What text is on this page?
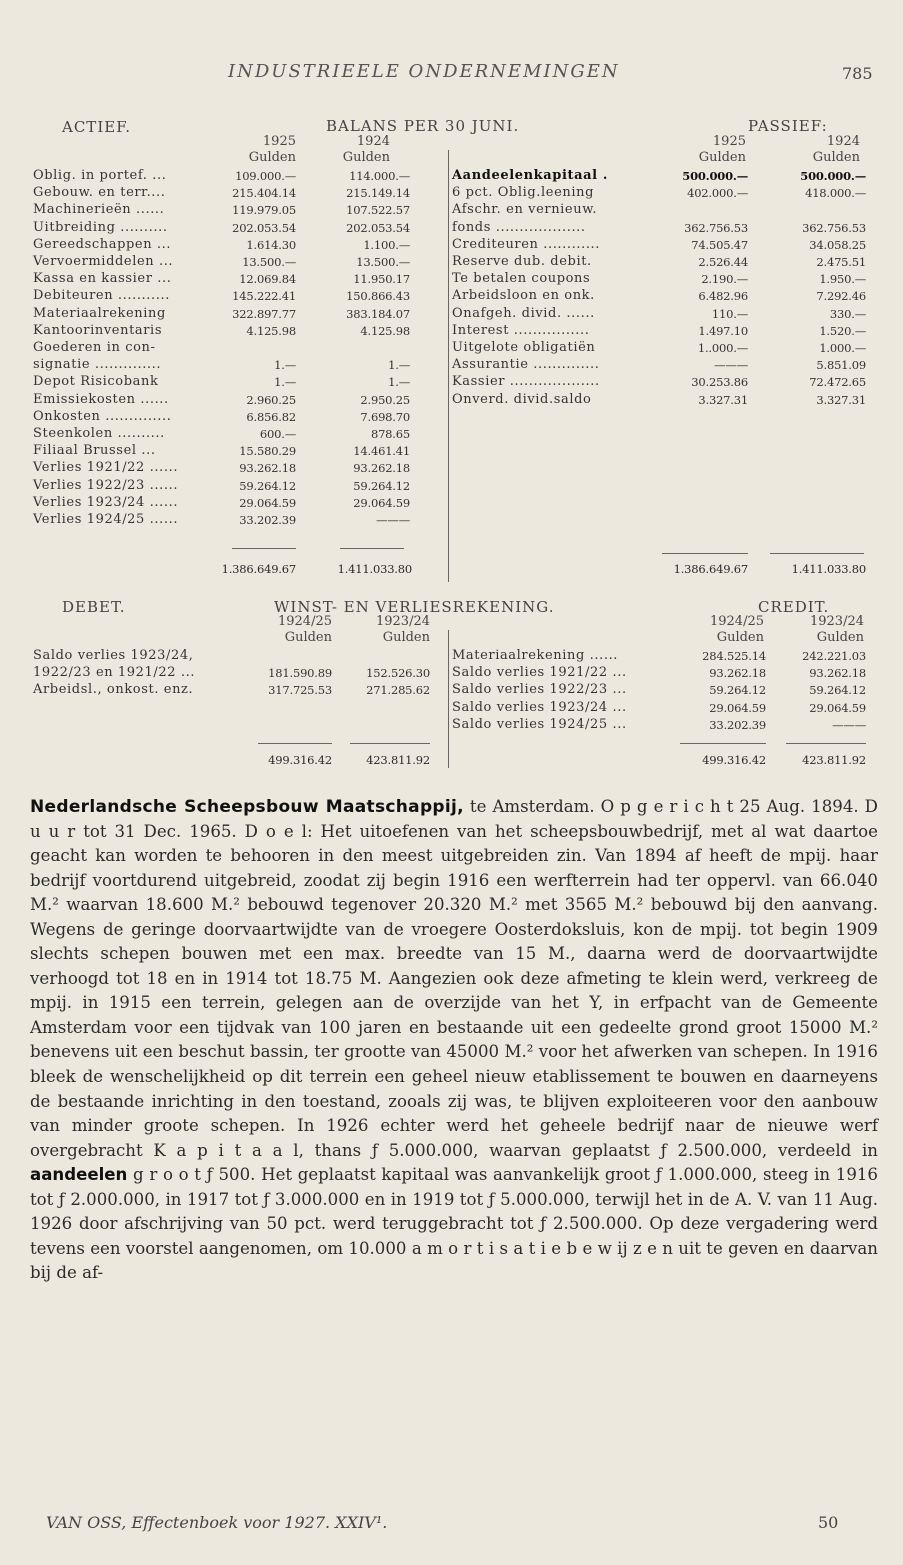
INDUSTRIEELE ONDERNEMINGEN	785
ACTIEF.	BALANS PER 30 JUNI.	PASSIEF:
1925
Gulden
1924
Gulden
1925
Gulden
1924
Gulden
Oblig. in portef. ...	109.000.—	114.000.—
Gebouw. en terr....	215.404.14	215.149.14
Machinerieën ......	119.979.05	107.522.57
Uitbreiding ..........	202.053.54	202.053.54
Gereedschappen ...	1.614.30	1.100.—
Vervoermiddelen ...	13.500.—	13.500.—
Kassa en kassier ...	12.069.84	11.950.17
Debiteuren ...........	145.222.41	150.866.43
Materiaalrekening	322.897.77	383.184.07
Kantoorinventaris	4.125.98	4.125.98
Goederen in con-
signatie ..............	1.—	1.—
Depot Risicobank	1.—	1.—
Emissiekosten ......	2.960.25	2.950.25
Onkosten ..............	6.856.82	7.698.70
Steenkolen ..........	600.—	878.65
Filiaal Brussel ...	15.580.29	14.461.41
Verlies 1921/22 ......	93.262.18	93.262.18
Verlies 1922/23 ......	59.264.12	59.264.12
Verlies 1923/24 ......	29.064.59	29.064.59
Verlies 1924/25 ......	33.202.39	———
Aandeelenkapitaal .	500.000.—	500.000.—
6 pct. Oblig.leening	402.000.—	418.000.—
Afschr. en vernieuw.
fonds ...................	362.756.53	362.756.53
Crediteuren ............	74.505.47	34.058.25
Reserve dub. debit.	2.526.44	2.475.51
Te betalen coupons	2.190.—	1.950.—
Arbeidsloon en onk.	6.482.96	7.292.46
Onafgeh. divid. ......	110.—	330.—
Interest ................	1.497.10	1.520.—
Uitgelote obligatiën	1..000.—	1.000.—
Assurantie ..............	———	5.851.09
Kassier ...................	30.253.86	72.472.65
Onverd. divid.saldo	3.327.31	3.327.31
1.386.649.67	1.411.033.80	1.386.649.67	1.411.033.80
DEBET.	WINST- EN VERLIESREKENING.	CREDIT.
1924/25
Gulden
1923/24
Gulden
1924/25
Gulden
1923/24
Gulden
Saldo verlies 1923/24,
1922/23 en 1921/22 ...	181.590.89	152.526.30
Arbeidsl., onkost. enz.	317.725.53	271.285.62
Materiaalrekening ......	284.525.14	242.221.03
Saldo verlies 1921/22 ...	93.262.18	93.262.18
Saldo verlies 1922/23 ...	59.264.12	59.264.12
Saldo verlies 1923/24 ...	29.064.59	29.064.59
Saldo verlies 1924/25 ...	33.202.39	———
499.316.42	423.811.92	499.316.42	423.811.92

Nederlandsche Scheepsbouw Maatschappij, te Amsterdam. O p g e r i c h t 25 Aug. 1894. D u u r tot 31 Dec. 1965. D o e l: Het uitoefenen van het scheepsbouwbedrijf, met al wat daartoe geacht kan worden te behooren in den meest uitgebreiden zin. Van 1894 af heeft de mpij. haar bedrijf voortdurend uitgebreid, zoodat zij begin 1916 een werfterrein had ter oppervl. van 66.040 M.² waarvan 18.600 M.² bebouwd tegenover 20.320 M.² met 3565 M.² bebouwd bij den aanvang. Wegens de geringe doorvaartwijdte van de vroegere Oosterdoksluis, kon de mpij. tot begin 1909 slechts schepen bouwen met een max. breedte van 15 M., daarna werd de doorvaartwijdte verhoogd tot 18 en in 1914 tot 18.75 M. Aangezien ook deze afmeting te klein werd, verkreeg de mpij. in 1915 een terrein, gelegen aan de overzijde van het Y, in erfpacht van de Gemeente Amsterdam voor een tijdvak van 100 jaren en bestaande uit een gedeelte grond groot 15000 M.² benevens uit een beschut bassin, ter grootte van 45000 M.² voor het afwerken van schepen. In 1916 bleek de wenschelijkheid op dit terrein een geheel nieuw etablissement te bouwen en daarneyens de bestaande inrichting in den toestand, zooals zij was, te blijven exploiteeren voor den aanbouw van minder groote schepen. In 1926 echter werd het geheele bedrijf naar de nieuwe werf overgebracht K a p i t a a l, thans ƒ 5.000.000, waarvan geplaatst ƒ 2.500.000, verdeeld in aandeelen g r o o t ƒ 500. Het geplaatst kapitaal was aanvankelijk groot ƒ 1.000.000, steeg in 1916 tot ƒ 2.000.000, in 1917 tot ƒ 3.000.000 en in 1919 tot ƒ 5.000.000, terwijl het in de A. V. van 11 Aug. 1926 door afschrijving van 50 pct. werd teruggebracht tot ƒ 2.500.000. Op deze vergadering werd tevens een voorstel aangenomen, om 10.000 a m o r t i s a t i e b e w ij z e n uit te geven en daarvan bij de af-

VAN OSS, Effectenboek voor 1927. XXIV¹.	50
